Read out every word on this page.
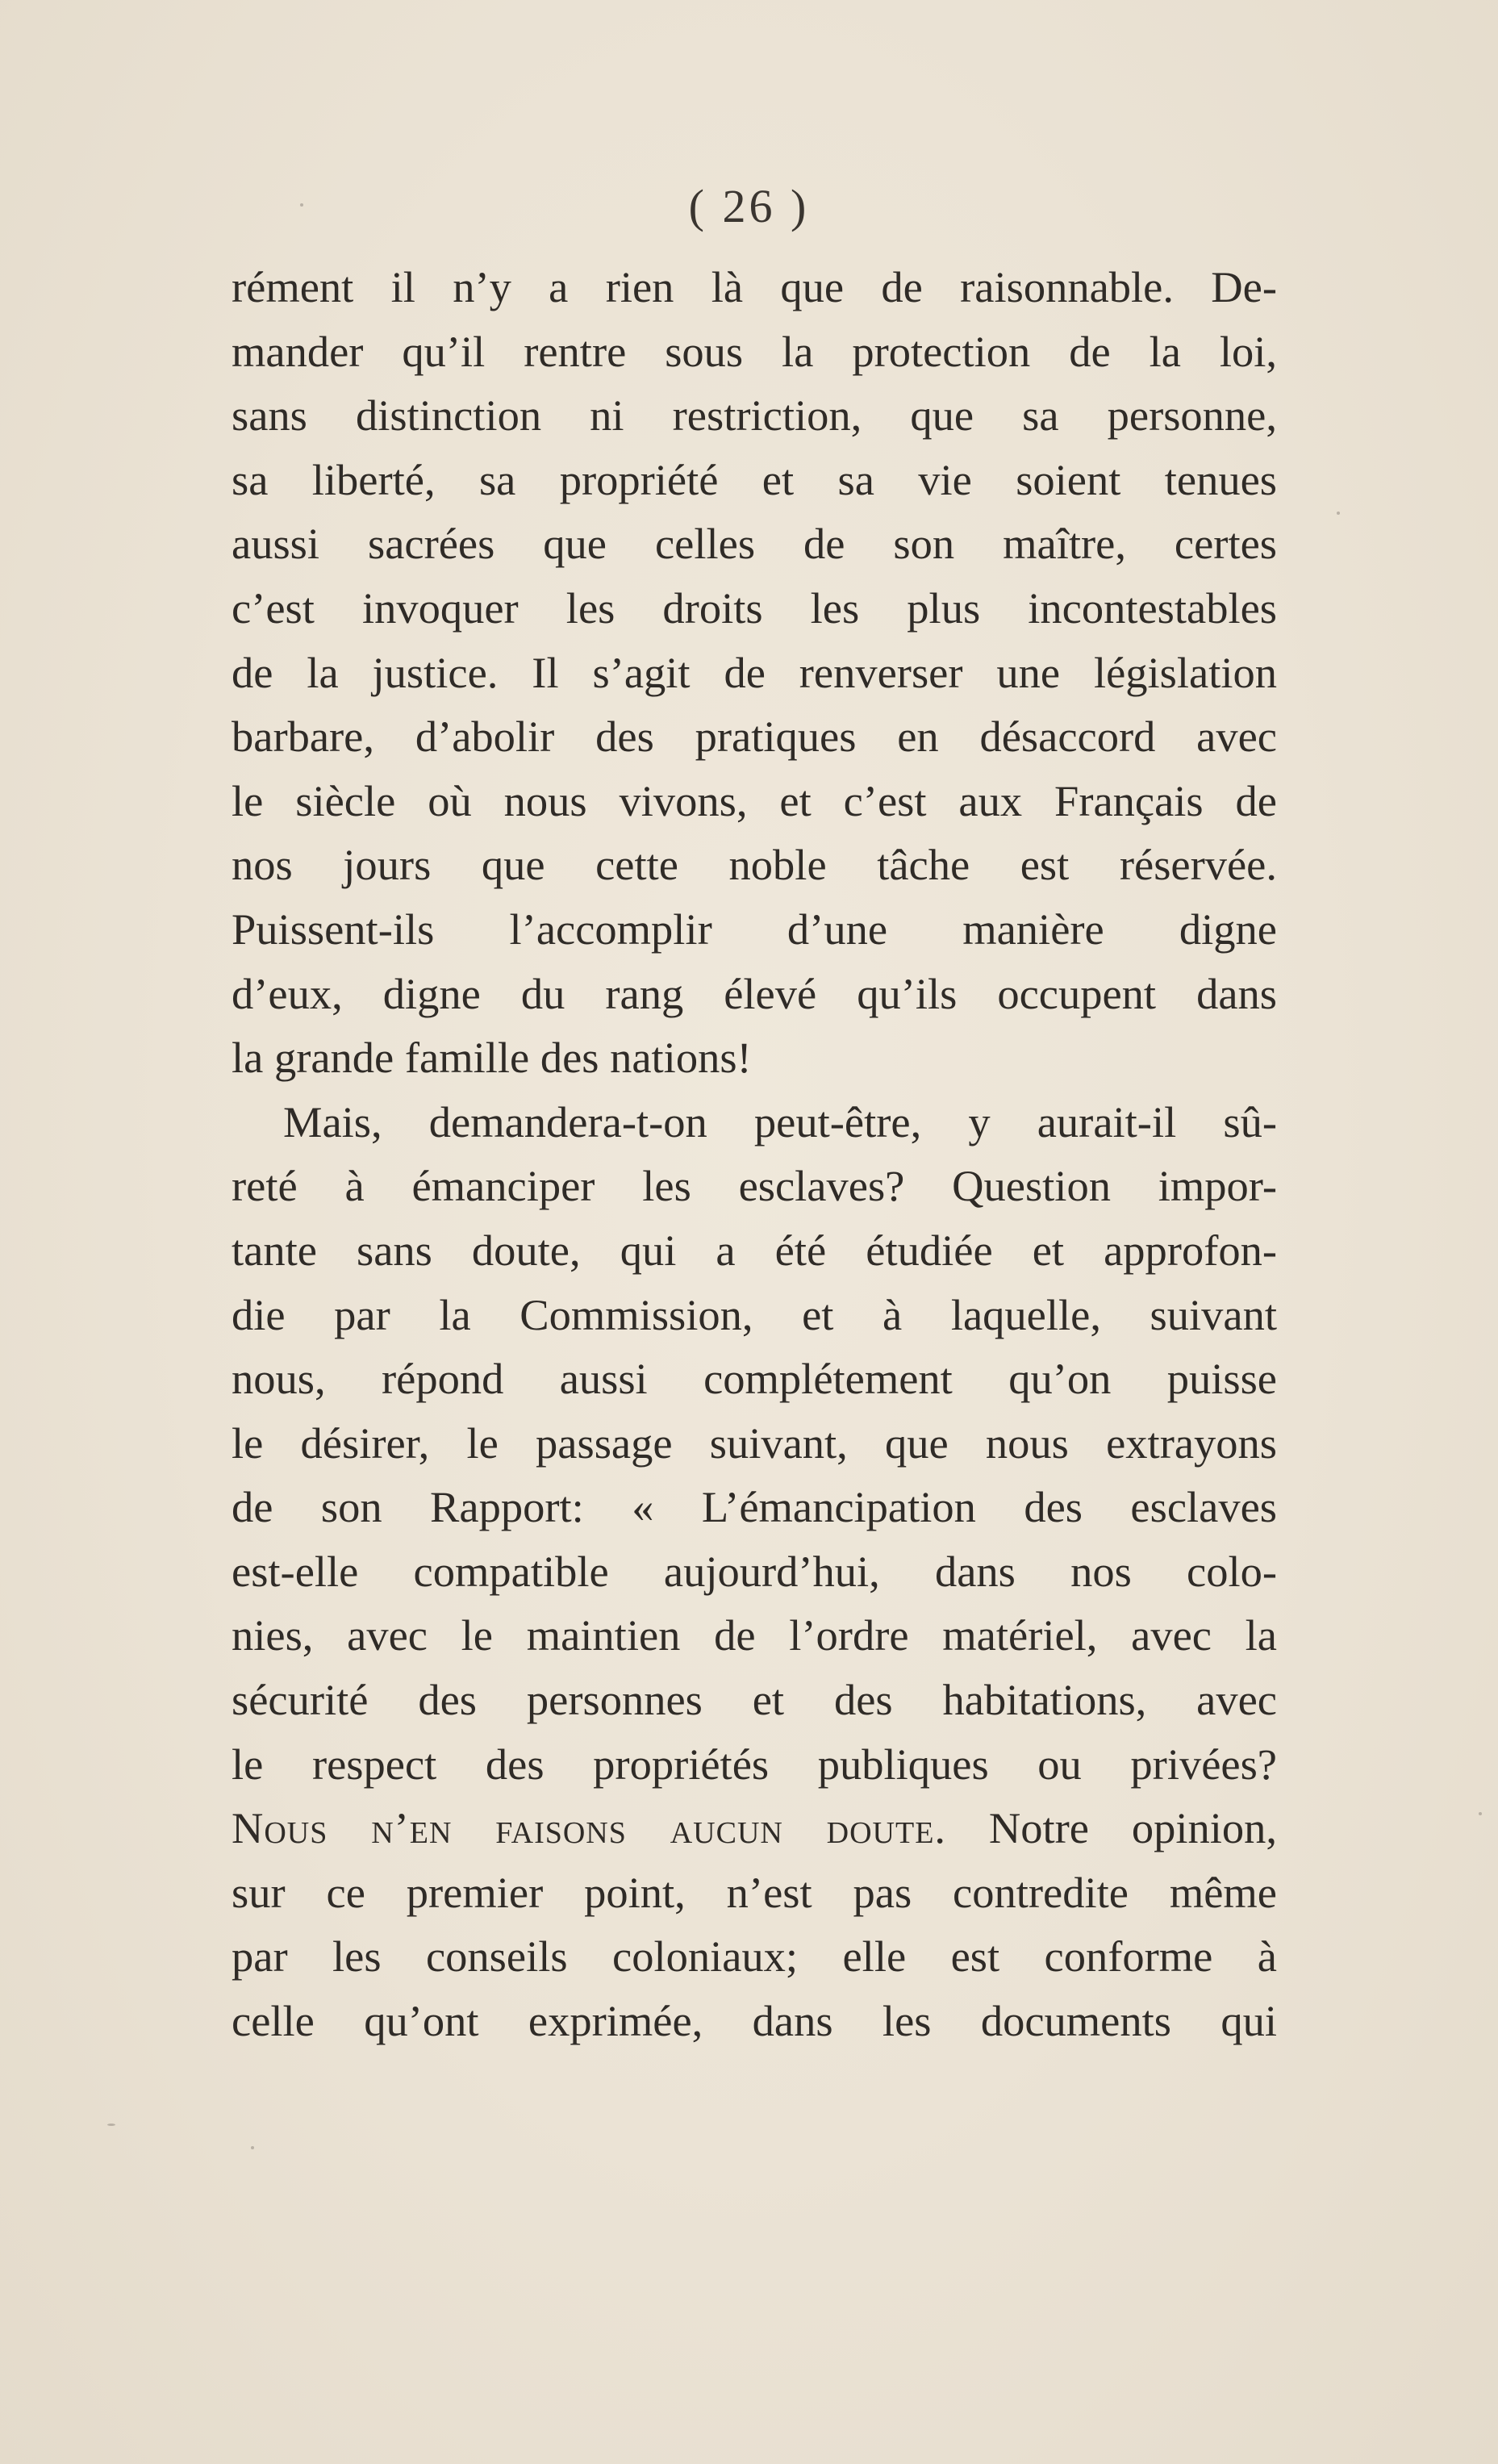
( 26 )
rément il n’y a rien là que de raisonnable. De-
mander qu’il rentre sous la protection de la loi,
sans distinction ni restriction, que sa personne,
sa liberté, sa propriété et sa vie soient tenues
aussi sacrées que celles de son maître, certes
c’est invoquer les droits les plus incontestables
de la justice. Il s’agit de renverser une législation
barbare, d’abolir des pratiques en désaccord avec
le siècle où nous vivons, et c’est aux Français de
nos jours que cette noble tâche est réservée.
Puissent-ils l’accomplir d’une manière digne
d’eux, digne du rang élevé qu’ils occupent dans
la grande famille des nations!
Mais, demandera-t-on peut-être, y aurait-il sû-
reté à émanciper les esclaves? Question impor-
tante sans doute, qui a été étudiée et approfon-
die par la Commission, et à laquelle, suivant
nous, répond aussi complétement qu’on puisse
le désirer, le passage suivant, que nous extrayons
de son Rapport: « L’émancipation des esclaves
est-elle compatible aujourd’hui, dans nos colo-
nies, avec le maintien de l’ordre matériel, avec la
sécurité des personnes et des habitations, avec
le respect des propriétés publiques ou privées?
Nous n’en faisons aucun doute. Notre opinion,
sur ce premier point, n’est pas contredite même
par les conseils coloniaux; elle est conforme à
celle qu’ont exprimée, dans les documents qui
